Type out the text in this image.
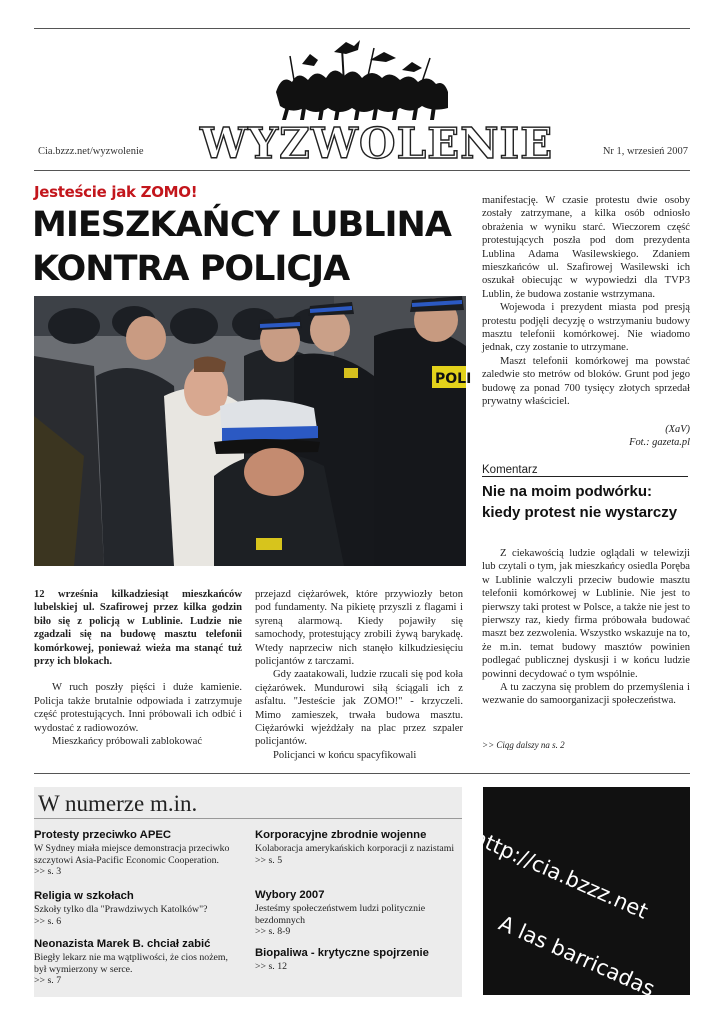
WYZWOLENIE
Cia.bzzz.net/wyzwolenie	Nr 1, wrzesień 2007
Jesteście jak ZOMO!
MIESZKAŃCY LUBLINA
KONTRA POLICJA
POLI

12 września kilkadziesiąt mieszkańców lubelskiej ul. Szafirowej przez kilka godzin biło się z policją w Lublinie. Ludzie nie zgadzali się na budowę masztu telefonii komórkowej, ponieważ wieża ma stanąć tuż przy ich blokach.

W ruch poszły pięści i duże kamienie. Policja także brutalnie odpowiada i zatrzymuje część protestujących. Inni próbowali ich odbić i wydostać z radiowozów.

Mieszkańcy próbowali zablokować

przejazd ciężarówek, które przywiozły beton pod fundamenty. Na pikietę przyszli z flagami i syreną alarmową. Kiedy pojawiły się samochody, protestujący zrobili żywą barykadę. Wtedy naprzeciw nich stanęło kilkudziesięciu policjantów z tarczami.

Gdy zaatakowali, ludzie rzucali się pod koła ciężarówek. Mundurowi siłą ściągali ich z asfaltu. "Jesteście jak ZOMO!" - krzyczeli. Mimo zamieszek, trwała budowa masztu. Ciężarówki wjeżdżały na plac przez szpaler policjantów.

Policjanci w końcu spacyfikowali

manifestację. W czasie protestu dwie osoby zostały zatrzymane, a kilka osób odniosło obrażenia w wyniku starć. Wieczorem część protestujących poszła pod dom prezydenta Lublina Adama Wasilewskiego. Zdaniem mieszkańców ul. Szafirowej Wasilewski ich oszukał obiecując w wypowiedzi dla TVP3 Lublin, że budowa zostanie wstrzymana.

Wojewoda i prezydent miasta pod presją protestu podjęli decyzję o wstrzymaniu budowy masztu telefonii komórkowej. Nie wiadomo jednak, czy zostanie to utrzymane.

Maszt telefonii komórkowej ma powstać zaledwie sto metrów od bloków. Grunt pod jego budowę za ponad 700 tysięcy złotych sprzedał prywatny właściciel.

(XaV)
Fot.: gazeta.pl
Komentarz
Nie na moim podwórku: kiedy protest nie wystarczy

Z ciekawością ludzie oglądali w telewizji lub czytali o tym, jak mieszkańcy osiedla Poręba w Lublinie walczyli przeciw budowie masztu telefonii komórkowej w Lublinie. Nie jest to pierwszy taki protest w Polsce, a także nie jest to pierwszy raz, kiedy firma próbowała budować maszt bez zezwolenia. Wszystko wskazuje na to, że m.in. temat budowy masztów powinien podlegać publicznej dyskusji i w końcu ludzie powinni decydować o tym wspólnie.

A tu zaczyna się problem do przemyślenia i wezwanie do samoorganizacji społeczeństwa.

>> Ciąg dalszy na s. 2
W numerze m.in.
Protesty przeciwko APEC
W Sydney miała miejsce demonstracja przeciwko szczytowi Asia-Pacific Economic Cooperation.
>> s. 3
Religia w szkołach
Szkoły tylko dla "Prawdziwych Katolków"?
>> s. 6
Neonazista Marek B. chciał zabić
Biegły lekarz nie ma wątpliwości, że cios nożem, był wymierzony w serce.
>> s. 7
Korporacyjne zbrodnie wojenne
Kolaboracja amerykańskich korporacji z nazistami
>> s. 5
Wybory 2007
Jesteśmy społeczeństwem ludzi politycznie bezdomnych
>> s. 8-9
Biopaliwa - krytyczne spojrzenie
>> s. 12
http://cia.bzzz.net
A las barricadas
